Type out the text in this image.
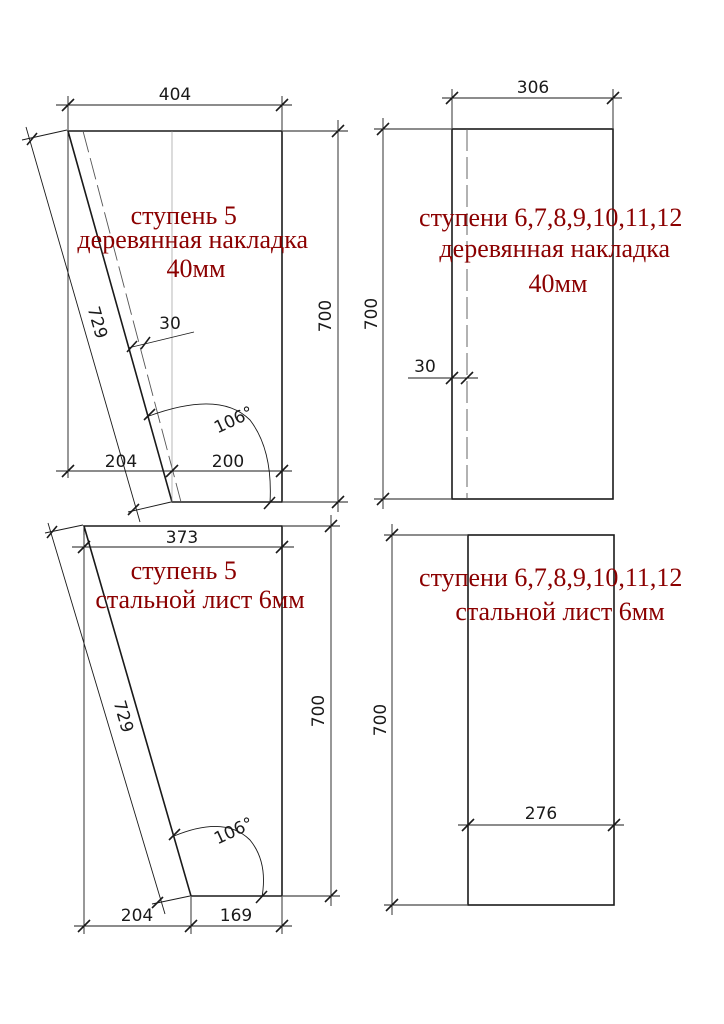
404
700
729	30
106°
204	200
ступень 5 деревянная накладка 40мм
306
700
30
ступени 6,7,8,9,10,11,12 деревянная накладка 40мм
373
700
729
106°
204	169
ступень 5 стальной лист 6мм
700
276
ступени 6,7,8,9,10,11,12 стальной лист 6мм
